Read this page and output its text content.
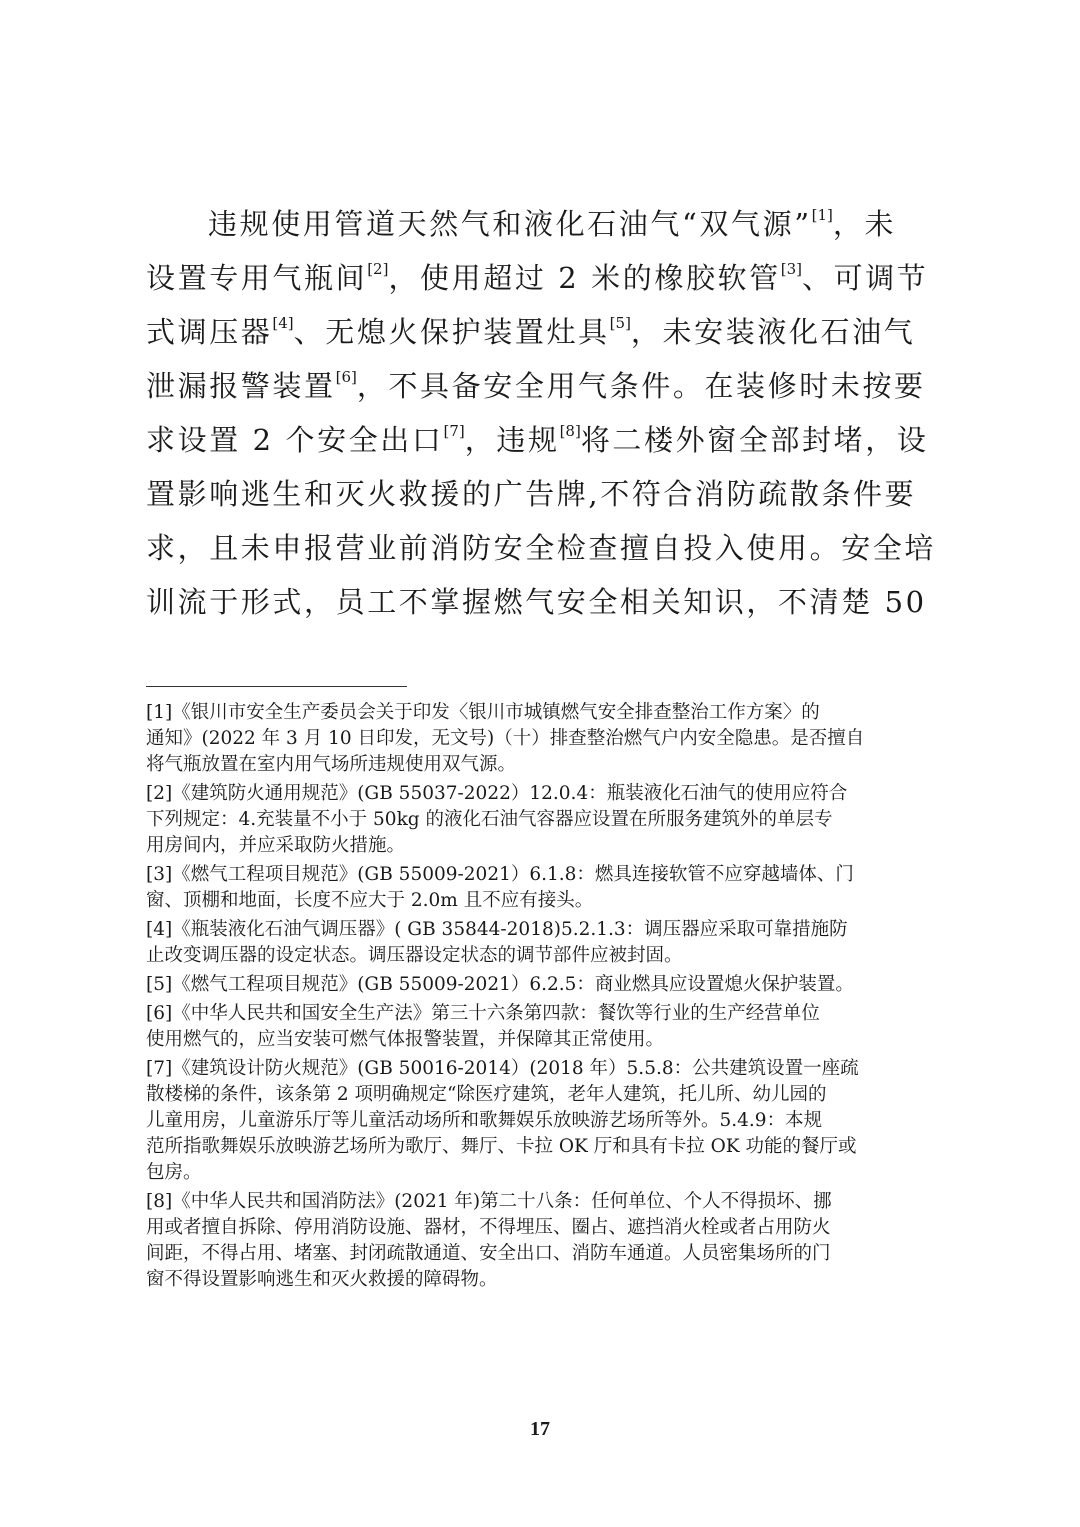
违规使用管道天然气和液化石油气“双气源”[1]，未
设置专用气瓶间[2]，使用超过 2 米的橡胶软管[3]、可调节
式调压器[4]、无熄火保护装置灶具[5]，未安装液化石油气
泄漏报警装置[6]，不具备安全用气条件。在装修时未按要
求设置 2 个安全出口[7]，违规[8]将二楼外窗全部封堵，设
置影响逃生和灭火救援的广告牌,不符合消防疏散条件要
求，且未申报营业前消防安全检查擅自投入使用。安全培
训流于形式，员工不掌握燃气安全相关知识，不清楚 50
[1]《银川市安全生产委员会关于印发〈银川市城镇燃气安全排查整治工作方案〉的
通知》(2022 年 3 月 10 日印发，无文号)（十）排查整治燃气户内安全隐患。是否擅自
将气瓶放置在室内用气场所违规使用双气源。
[2]《建筑防火通用规范》(GB 55037-2022）12.0.4：瓶装液化石油气的使用应符合
下列规定：4.充装量不小于 50kg 的液化石油气容器应设置在所服务建筑外的单层专
用房间内，并应采取防火措施。
[3]《燃气工程项目规范》(GB 55009-2021）6.1.8：燃具连接软管不应穿越墙体、门
窗、顶棚和地面，长度不应大于 2.0m 且不应有接头。
[4]《瓶装液化石油气调压器》( GB 35844-2018)5.2.1.3：调压器应采取可靠措施防
止改变调压器的设定状态。调压器设定状态的调节部件应被封固。
[5]《燃气工程项目规范》(GB 55009-2021）6.2.5：商业燃具应设置熄火保护装置。
[6]《中华人民共和国安全生产法》第三十六条第四款：餐饮等行业的生产经营单位
使用燃气的，应当安装可燃气体报警装置，并保障其正常使用。
[7]《建筑设计防火规范》(GB 50016-2014）(2018 年）5.5.8：公共建筑设置一座疏
散楼梯的条件，该条第 2 项明确规定“除医疗建筑，老年人建筑，托儿所、幼儿园的
儿童用房，儿童游乐厅等儿童活动场所和歌舞娱乐放映游艺场所等外。5.4.9：本规
范所指歌舞娱乐放映游艺场所为歌厅、舞厅、卡拉 OK 厅和具有卡拉 OK 功能的餐厅或
包房。
[8]《中华人民共和国消防法》(2021 年)第二十八条：任何单位、个人不得损坏、挪
用或者擅自拆除、停用消防设施、器材，不得埋压、圈占、遮挡消火栓或者占用防火
间距，不得占用、堵塞、封闭疏散通道、安全出口、消防车通道。人员密集场所的门
窗不得设置影响逃生和灭火救援的障碍物。
17
